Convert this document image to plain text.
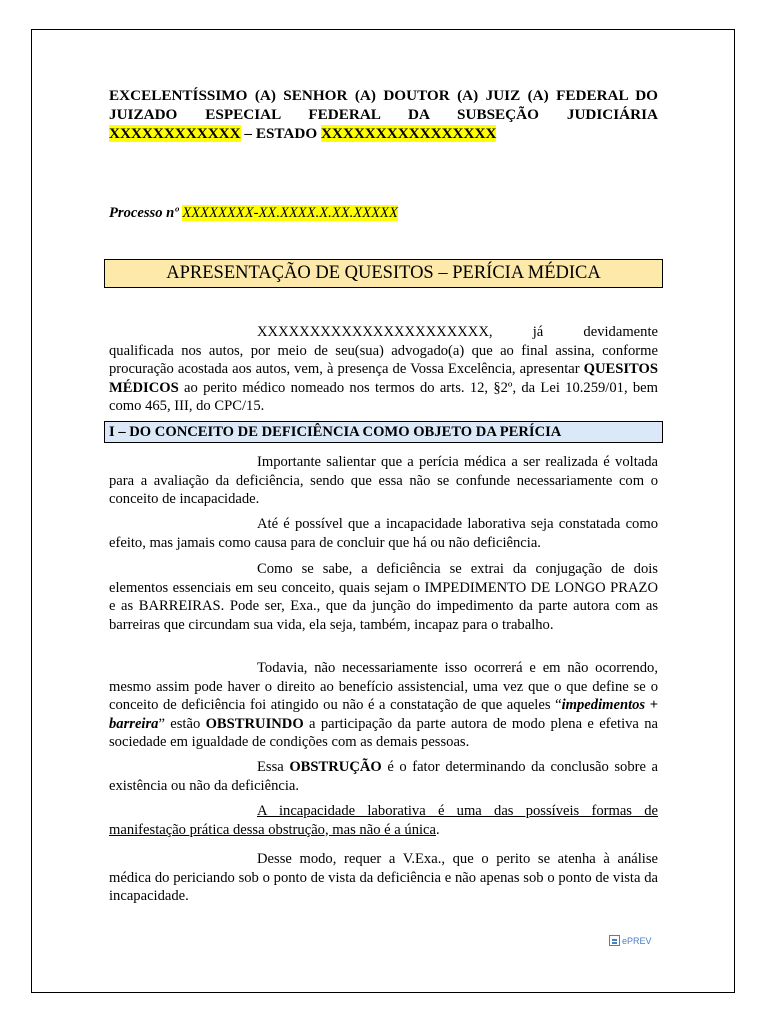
EXCELENTÍSSIMO (A) SENHOR (A) DOUTOR (A) JUIZ (A) FEDERAL DO
JUIZADO ESPECIAL FEDERAL DA SUBSEÇÃO JUDICIÁRIA
XXXXXXXXXXXX – ESTADO XXXXXXXXXXXXXXXX
Processo nº XXXXXXXX-XX.XXXX.X.XX.XXXXX
APRESENTAÇÃO DE QUESITOS – PERÍCIA MÉDICA
XXXXXXXXXXXXXXXXXXXXXX,	já devidamente
qualificada nos autos, por meio de seu(sua) advogado(a) que ao final assina, conforme procuração acostada aos autos, vem, à presença de Vossa Excelência, apresentar QUESITOS MÉDICOS ao perito médico nomeado nos termos do arts. 12, §2º, da Lei 10.259/01, bem como 465, III, do CPC/15.
I – DO CONCEITO DE DEFICIÊNCIA COMO OBJETO DA PERÍCIA

Importante salientar que a perícia médica a ser realizada é voltada para a avaliação da deficiência, sendo que essa não se confunde necessariamente com o conceito de incapacidade.

Até é possível que a incapacidade laborativa seja constatada como efeito, mas jamais como causa para de concluir que há ou não deficiência.

Como se sabe, a deficiência se extrai da conjugação de dois elementos essenciais em seu conceito, quais sejam o IMPEDIMENTO DE LONGO PRAZO e as BARREIRAS. Pode ser, Exa., que da junção do impedimento da parte autora com as barreiras que circundam sua vida, ela seja, também, incapaz para o trabalho.

Todavia, não necessariamente isso ocorrerá e em não ocorrendo, mesmo assim pode haver o direito ao benefício assistencial, uma vez que o que define se o conceito de deficiência foi atingido ou não é a constatação de que aqueles “impedimentos + barreira” estão OBSTRUINDO a participação da parte autora de modo plena e efetiva na sociedade em igualdade de condições com as demais pessoas.

Essa OBSTRUÇÃO é o fator determinando da conclusão sobre a existência ou não da deficiência.

A incapacidade laborativa é uma das possíveis formas de manifestação prática dessa obstrução, mas não é a única.

Desse modo, requer a V.Exa., que o perito se atenha à análise médica do periciando sob o ponto de vista da deficiência e não apenas sob o ponto de vista da incapacidade.

ePREV
